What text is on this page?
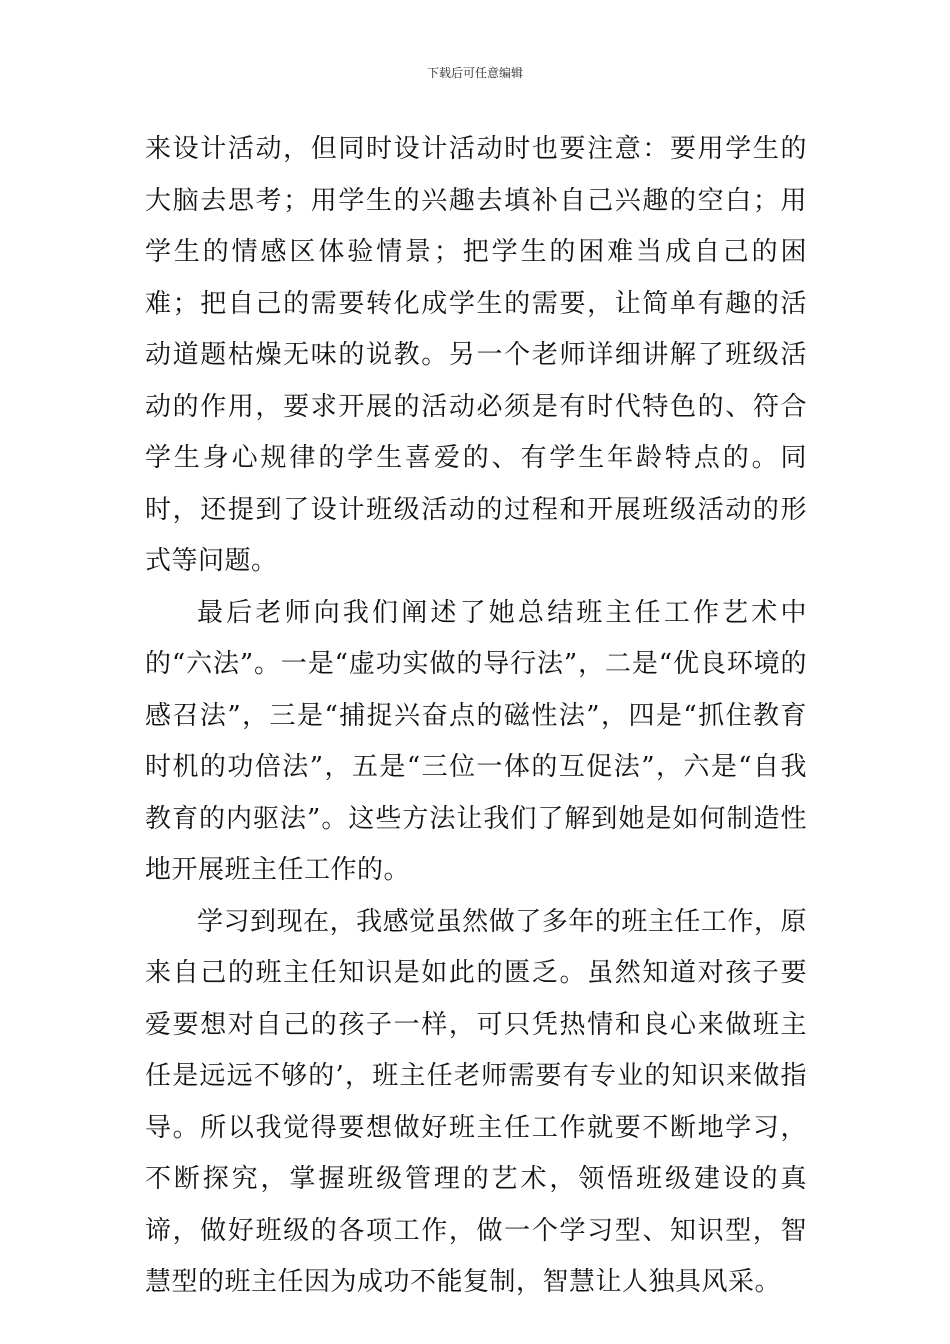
下载后可任意编辑

来设计活动，但同时设计活动时也要注意：要用学生的大脑去思考；用学生的兴趣去填补自己兴趣的空白；用学生的情感区体验情景；把学生的困难当成自己的困难；把自己的需要转化成学生的需要，让简单有趣的活动道题枯燥无味的说教。另一个老师详细讲解了班级活动的作用，要求开展的活动必须是有时代特色的、符合学生身心规律的学生喜爱的、有学生年龄特点的。同时，还提到了设计班级活动的过程和开展班级活动的形式等问题。

最后老师向我们阐述了她总结班主任工作艺术中的“六法”。一是“虚功实做的导行法”，二是“优良环境的感召法”，三是“捕捉兴奋点的磁性法”，四是“抓住教育时机的功倍法”，五是“三位一体的互促法”，六是“自我教育的内驱法”。这些方法让我们了解到她是如何制造性地开展班主任工作的。

学习到现在，我感觉虽然做了多年的班主任工作，原来自己的班主任知识是如此的匮乏。虽然知道对孩子要爱要想对自己的孩子一样，可只凭热情和良心来做班主任是远远不够的’，班主任老师需要有专业的知识来做指导。所以我觉得要想做好班主任工作就要不断地学习，不断探究，掌握班级管理的艺术，领悟班级建设的真谛，做好班级的各项工作，做一个学习型、知识型，智慧型的班主任因为成功不能复制，智慧让人独具风采。
